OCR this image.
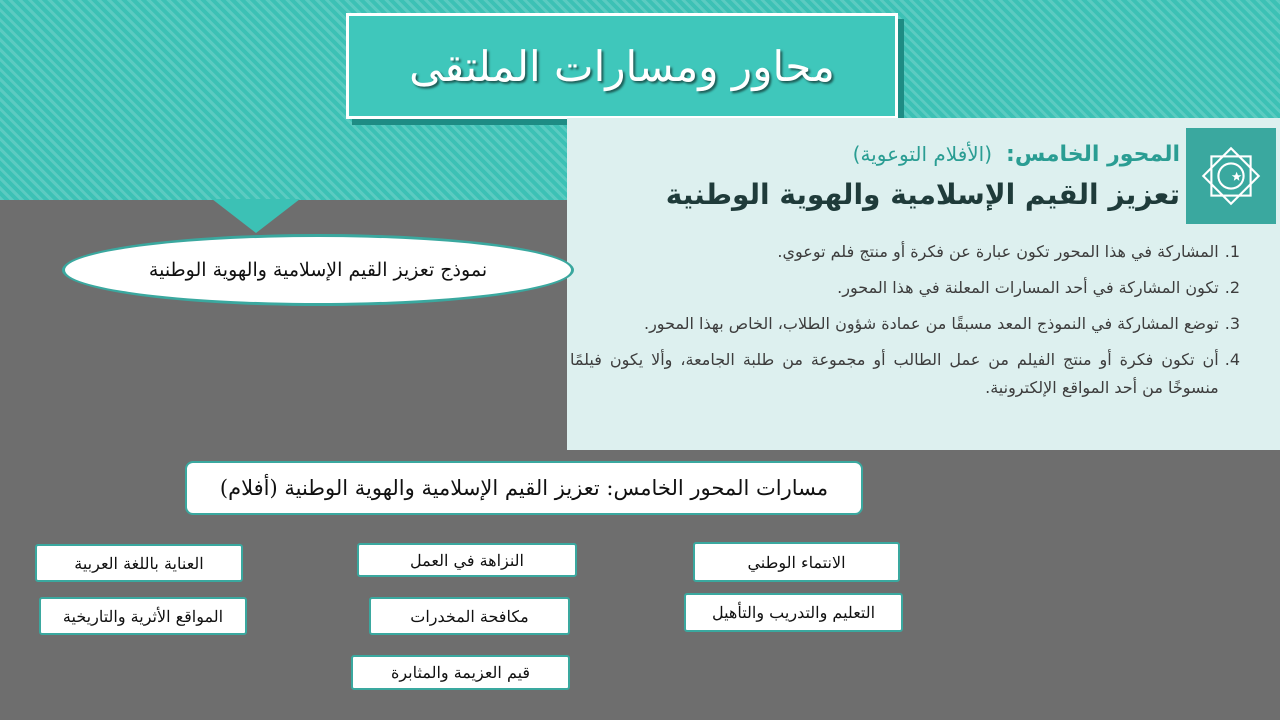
محاور ومسارات الملتقى
المحور الخامس:
(الأفلام التوعوية)
تعزيز القيم الإسلامية والهوية الوطنية
1.
المشاركة في هذا المحور تكون عبارة عن فكرة أو منتج فلم توعوي.
2.
تكون المشاركة في أحد المسارات المعلنة في هذا المحور.
3.
توضع المشاركة في النموذج المعد مسبقًا من عمادة شؤون الطلاب، الخاص بهذا المحور.
4.
أن تكون فكرة أو منتج الفيلم من عمل الطالب أو مجموعة من طلبة الجامعة، وألا يكون فيلمًا منسوخًا من أحد المواقع الإلكترونية.
نموذج تعزيز القيم الإسلامية والهوية الوطنية
مسارات المحور الخامس: تعزيز القيم الإسلامية والهوية الوطنية (أفلام)
الانتماء الوطني
التعليم والتدريب والتأهيل
النزاهة في العمل
مكافحة المخدرات
قيم العزيمة والمثابرة
العناية باللغة العربية
المواقع الأثرية والتاريخية
